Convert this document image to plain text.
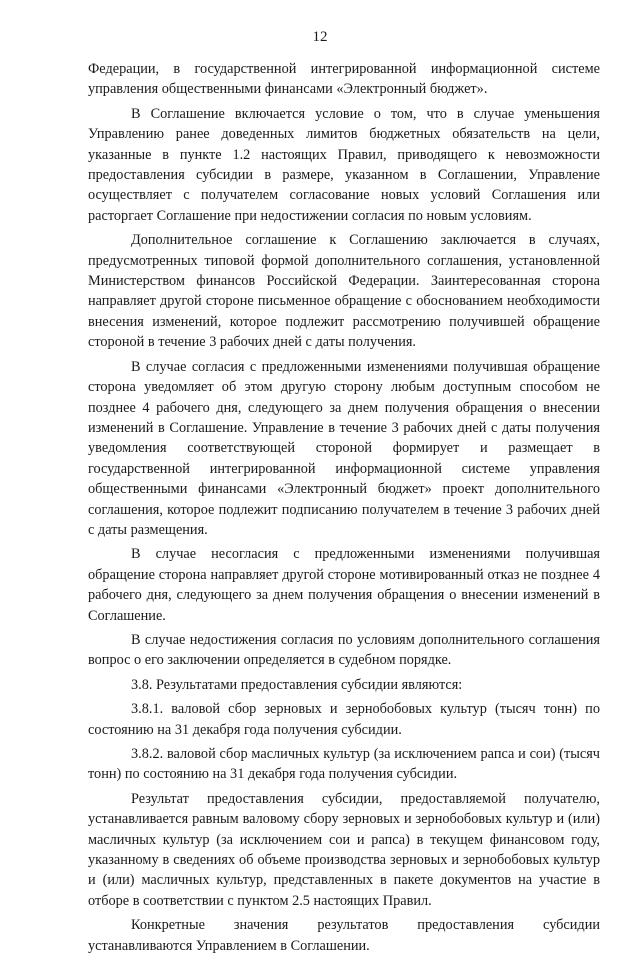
12

Федерации, в государственной интегрированной информационной системе управления общественными финансами «Электронный бюджет».

В Соглашение включается условие о том, что в случае уменьшения Управлению ранее доведенных лимитов бюджетных обязательств на цели, указанные в пункте 1.2 настоящих Правил, приводящего к невозможности предоставления субсидии в размере, указанном в Соглашении, Управление осуществляет с получателем согласование новых условий Соглашения или расторгает Соглашение при недостижении согласия по новым условиям.

Дополнительное соглашение к Соглашению заключается в случаях, предусмотренных типовой формой дополнительного соглашения, установленной Министерством финансов Российской Федерации. Заинтересованная сторона направляет другой стороне письменное обращение с обоснованием необходимости внесения изменений, которое подлежит рассмотрению получившей обращение стороной в течение 3 рабочих дней с даты получения.

В случае согласия с предложенными изменениями получившая обращение сторона уведомляет об этом другую сторону любым доступным способом не позднее 4 рабочего дня, следующего за днем получения обращения о внесении изменений в Соглашение. Управление в течение 3 рабочих дней с даты получения уведомления соответствующей стороной формирует и размещает в государственной интегрированной информационной системе управления общественными финансами «Электронный бюджет» проект дополнительного соглашения, которое подлежит подписанию получателем в течение 3 рабочих дней с даты размещения.

В случае несогласия с предложенными изменениями получившая обращение сторона направляет другой стороне мотивированный отказ не позднее 4 рабочего дня, следующего за днем получения обращения о внесении изменений в Соглашение.

В случае недостижения согласия по условиям дополнительного соглашения вопрос о его заключении определяется в судебном порядке.

3.8. Результатами предоставления субсидии являются:

3.8.1. валовой сбор зерновых и зернобобовых культур (тысяч тонн) по состоянию на 31 декабря года получения субсидии.

3.8.2. валовой сбор масличных культур (за исключением рапса и сои) (тысяч тонн) по состоянию на 31 декабря года получения субсидии.

Результат предоставления субсидии, предоставляемой получателю, устанавливается равным валовому сбору зерновых и зернобобовых культур и (или) масличных культур (за исключением сои и рапса) в текущем финансовом году, указанному в сведениях об объеме производства зерновых и зернобобовых культур и (или) масличных культур, представленных в пакете документов на участие в отборе в соответствии с пунктом 2.5 настоящих Правил.

Конкретные значения результатов предоставления субсидии устанавливаются Управлением в Соглашении.
